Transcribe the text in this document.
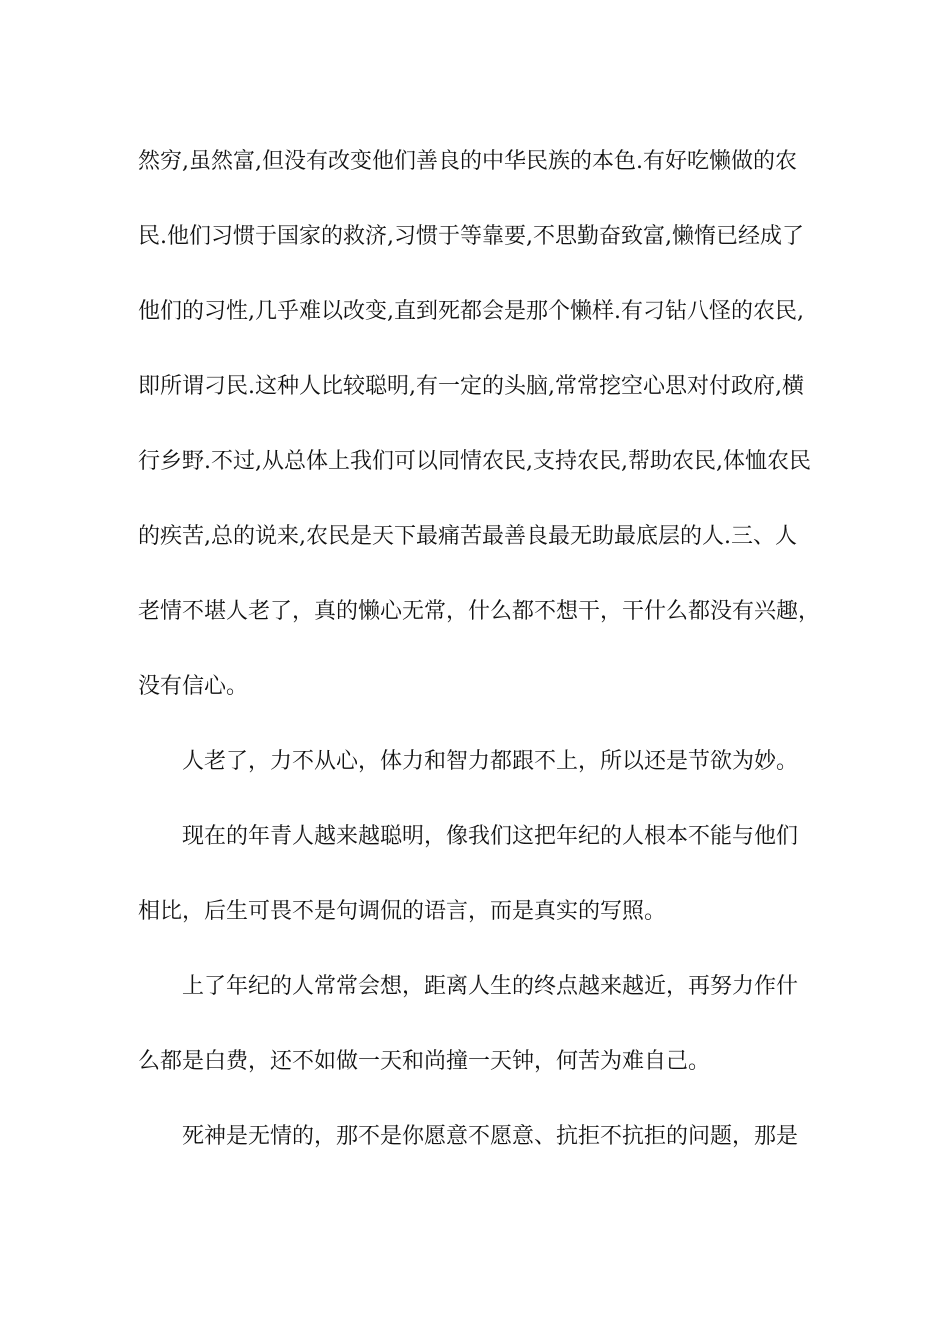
然穷,虽然富,但没有改变他们善良的中华民族的本色.有好吃懒做的农
民.他们习惯于国家的救济,习惯于等靠要,不思勤奋致富,懒惰已经成了
他们的习性,几乎难以改变,直到死都会是那个懒样.有刁钻八怪的农民,
即所谓刁民.这种人比较聪明,有一定的头脑,常常挖空心思对付政府,横
行乡野.不过,从总体上我们可以同情农民,支持农民,帮助农民,体恤农民
的疾苦,总的说来,农民是天下最痛苦最善良最无助最底层的人.三、人
老情不堪人老了，真的懒心无常，什么都不想干，干什么都没有兴趣，
没有信心。
人老了，力不从心，体力和智力都跟不上，所以还是节欲为妙。
现在的年青人越来越聪明，像我们这把年纪的人根本不能与他们
相比，后生可畏不是句调侃的语言，而是真实的写照。
上了年纪的人常常会想，距离人生的终点越来越近，再努力作什
么都是白费，还不如做一天和尚撞一天钟，何苦为难自己。
死神是无情的，那不是你愿意不愿意、抗拒不抗拒的问题，那是
